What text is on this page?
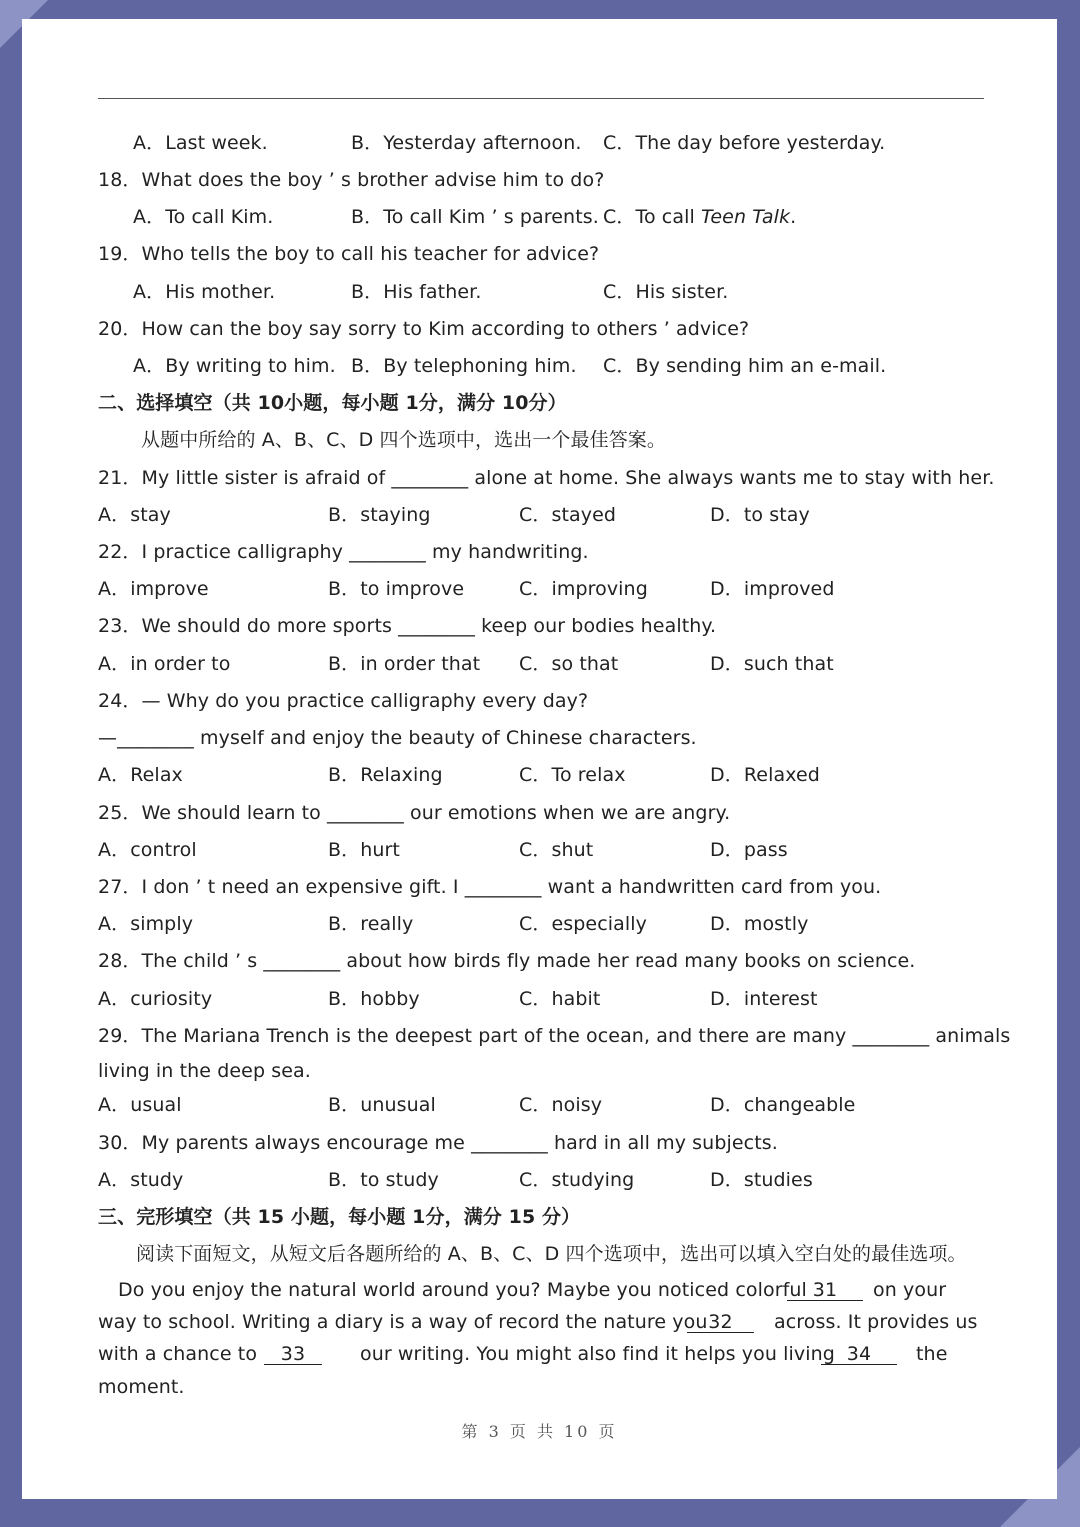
A．Last week.	B．Yesterday afternoon. C．The day before yesterday.
18．What does the boy ’ s brother advise him to do?
A．To call Kim.	B．To call Kim ’ s parents. C．To call Teen Talk.
19．Who tells the boy to call his teacher for advice?
A．His mother.	B．His father.	C．His sister.
20．How can the boy say sorry to Kim according to others ’ advice?
A．By writing to him. B．By telephoning him. C．By sending him an e-mail.
二、选择填空（共 10小题，每小题 1分，满分 10分）
从题中所给的 A、B、C、D 四个选项中，选出一个最佳答案。
21．My little sister is afraid of ________ alone at home. She always wants me to stay with her.
A．stay	B．staying	C．stayed	D．to stay
22．I practice calligraphy ________ my handwriting.
A．improve	B．to improve	C．improving	D．improved
23．We should do more sports ________ keep our bodies healthy.
A．in order to	B．in order that C．so that	D．such that
24．— Why do you practice calligraphy every day?
—________ myself and enjoy the beauty of Chinese characters.
A．Relax	B．Relaxing	C．To relax	D．Relaxed
25．We should learn to ________ our emotions when we are angry.
A．control	B．hurt	C．shut	D．pass
27．I don ’ t need an expensive gift. I ________ want a handwritten card from you.
A．simply	B．really	C．especially	D．mostly
28．The child ’ s ________ about how birds fly made her read many books on science.
A．curiosity	B．hobby	C．habit	D．interest
29．The Mariana Trench is the deepest part of the ocean, and there are many ________ animals
living in the deep sea.
A．usual	B．unusual	C．noisy	D．changeable
30．My parents always encourage me ________ hard in all my subjects.
A．study	B．to study	C．studying	D．studies
三、完形填空（共 15 小题，每小题 1分，满分 15 分）
阅读下面短文，从短文后各题所给的 A、B、C、D 四个选项中，选出可以填入空白处的最佳选项。
Do you enjoy the natural world around you? Maybe you noticed colorful 31	on your
way to school. Writing a diary is a way of record the nature you 32	across. It provides us
with a chance to	33	our writing. You might also find it helps you living 34	the
moment.
第 3 页 共 10 页
